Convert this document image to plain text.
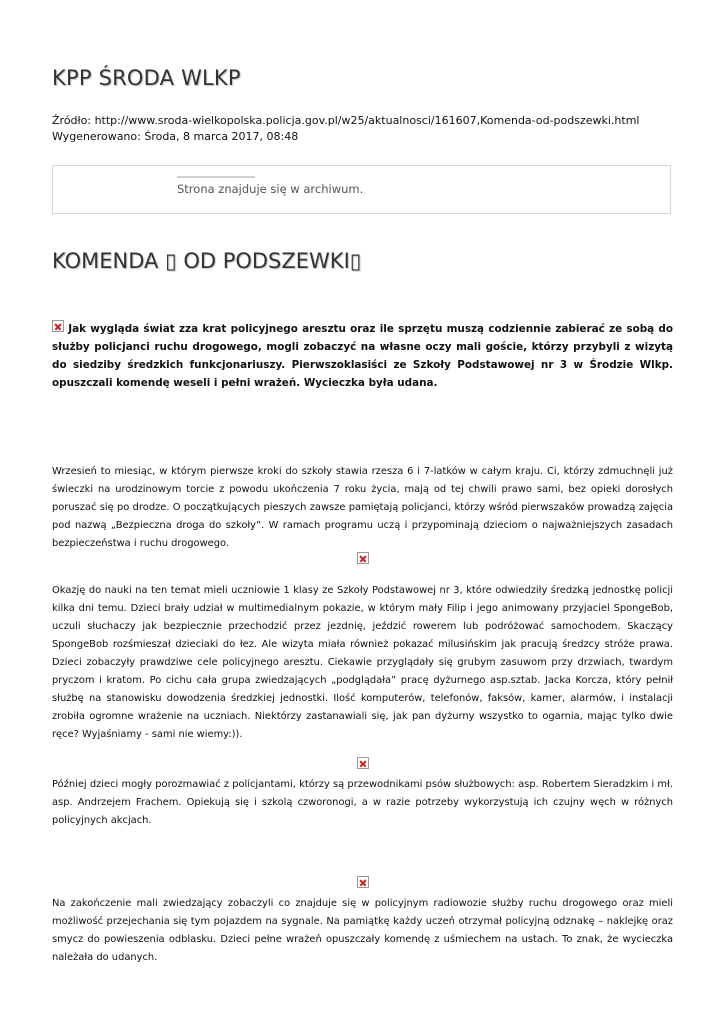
KPP ŚRODA WLKP
Źródło: http://www.sroda-wielkopolska.policja.gov.pl/w25/aktualnosci/161607,Komenda-od-podszewki.html
Wygenerowano: Środa, 8 marca 2017, 08:48
Strona znajduje się w archiwum.
KOMENDA ▯ OD PODSZEWKI▯

Jak wygląda świat zza krat policyjnego aresztu oraz ile sprzętu muszą codziennie zabierać ze sobą do służby policjanci ruchu drogowego, mogli zobaczyć na własne oczy mali goście, którzy przybyli z wizytą do siedziby średzkich funkcjonariuszy. Pierwszoklasiści ze Szkoły Podstawowej nr 3 w Środzie Wlkp. opuszczali komendę weseli i pełni wrażeń. Wycieczka była udana.

Wrzesień to miesiąc, w którym pierwsze kroki do szkoły stawia rzesza 6 i 7-latków w całym kraju. Ci, którzy zdmuchnęli już świeczki na urodzinowym torcie z powodu ukończenia 7 roku życia, mają od tej chwili prawo sami, bez opieki dorosłych poruszać się po drodze. O początkujących pieszych zawsze pamiętają policjanci, którzy wśród pierwszaków prowadzą zajęcia pod nazwą „Bezpieczna droga do szkoły”. W ramach programu uczą i przypominają dzieciom o najważniejszych zasadach bezpieczeństwa i ruchu drogowego.

Okazję do nauki na ten temat mieli uczniowie 1 klasy ze Szkoły Podstawowej nr 3, które odwiedziły średzką jednostkę policji kilka dni temu. Dzieci brały udział w multimedialnym pokazie, w którym mały Filip i jego animowany przyjaciel SpongeBob, uczuli słuchaczy jak bezpiecznie przechodzić przez jezdnię, jeździć rowerem lub podróżować samochodem. Skaczący SpongeBob rozśmieszał dzieciaki do łez. Ale wizyta miała również pokazać milusińskim jak pracują średzcy stróże prawa. Dzieci zobaczyły prawdziwe cele policyjnego aresztu. Ciekawie przyglądały się grubym zasuwom przy drzwiach, twardym pryczom i kratom. Po cichu cała grupa zwiedzających „podglądała” pracę dyżurnego asp.sztab. Jacka Korcza, który pełnił służbę na stanowisku dowodzenia średzkiej jednostki. Ilość komputerów, telefonów, faksów, kamer, alarmów, i instalacji zrobiła ogromne wrażenie na uczniach. Niektórzy zastanawiali się, jak pan dyżurny wszystko to ogarnia, mając tylko dwie ręce? Wyjaśniamy - sami nie wiemy:)).

Później dzieci mogły porozmawiać z policjantami, którzy są przewodnikami psów służbowych: asp. Robertem Sieradzkim i mł. asp. Andrzejem Frachem. Opiekują się i szkolą czworonogi, a w razie potrzeby wykorzystują ich czujny węch w różnych policyjnych akcjach.

Na zakończenie mali zwiedzający zobaczyli co znajduje się w policyjnym radiowozie służby ruchu drogowego oraz mieli możliwość przejechania się tym pojazdem na sygnale. Na pamiątkę każdy uczeń otrzymał policyjną odznakę – naklejkę oraz smycz do powieszenia odblasku. Dzieci pełne wrażeń opuszczały komendę z uśmiechem na ustach. To znak, że wycieczka należała do udanych.
